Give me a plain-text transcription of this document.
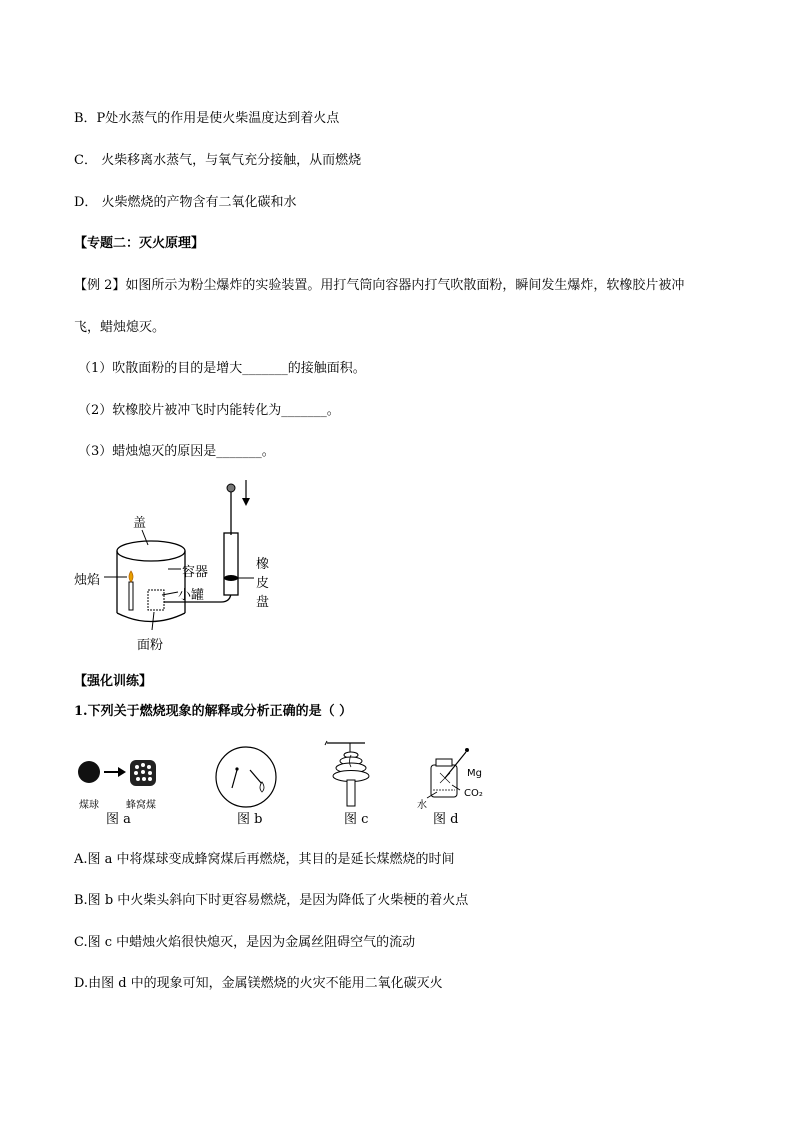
B．P处水蒸气的作用是使火柴温度达到着火点
C． 火柴移离水蒸气，与氧气充分接触，从而燃烧
D． 火柴燃烧的产物含有二氧化碳和水
【专题二：灭火原理】
【例 2】如图所示为粉尘爆炸的实验装置。用打气筒向容器内打气吹散面粉，瞬间发生爆炸，软橡胶片被冲
飞，蜡烛熄灭。
（1）吹散面粉的目的是增大_______的接触面积。
（2）软橡胶片被冲飞时内能转化为_______。
（3）蜡烛熄灭的原因是_______。
盖
容器
烛焰
小罐
面粉
橡
皮
盘
【强化训练】
1.下列关于燃烧现象的解释或分析正确的是（ ）
煤球	蜂窝煤
Mg
CO₂
水
图 a	图 b	图 c	图 d
A.图 a 中将煤球变成蜂窝煤后再燃烧，其目的是延长煤燃烧的时间
B.图 b 中火柴头斜向下时更容易燃烧，是因为降低了火柴梗的着火点
C.图 c 中蜡烛火焰很快熄灭，是因为金属丝阻碍空气的流动
D.由图 d 中的现象可知，金属镁燃烧的火灾不能用二氧化碳灭火
